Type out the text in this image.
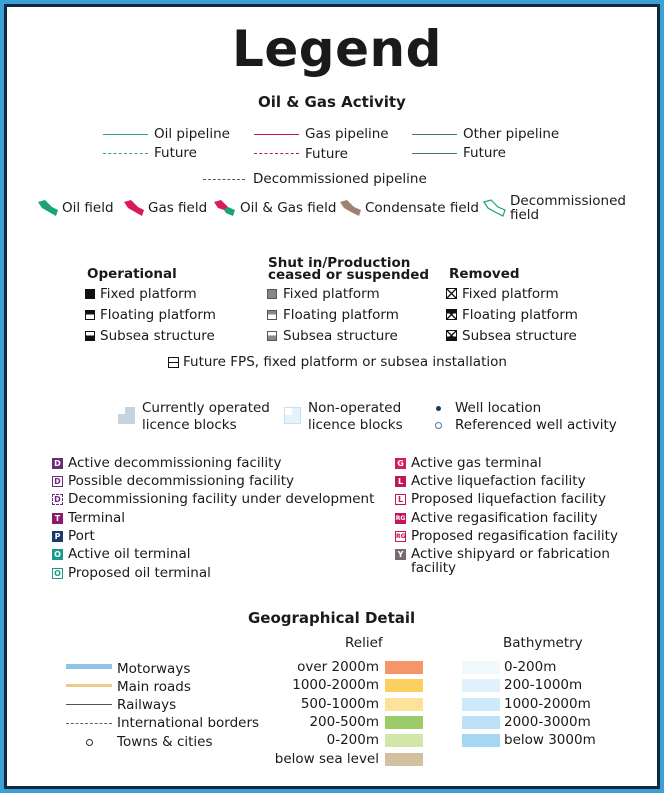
Legend
Oil & Gas Activity
Oil pipeline
Future
Gas pipeline
Future
Other pipeline
Future
Decommissioned pipeline
Oil field	Gas field Oil & Gas field Condensate field Decommissioned
field
Operational
Shut in/Production
ceased or suspended Removed
Fixed platform
Floating platform
Subsea structure
Fixed platform
Floating platform
Subsea structure
Fixed platform
Floating platform
Subsea structure
Future FPS, fixed platform or subsea installation
Currently operated
licence blocks
Non-operated
licence blocks
Well location
Referenced well activity
D Active decommissioning facility
D Possible decommissioning facility
D Decommissioning facility under development
T Terminal
P Port
O Active oil terminal
O Proposed oil terminal
G Active gas terminal
L Active liquefaction facility
L Proposed liquefaction facility
RG Active regasification facility
RG Proposed regasification facility
Y Active shipyard or fabrication
facility
Geographical Detail
Motorways
Main roads
Railways
International borders
Towns & cities
Relief
over 2000m
1000-2000m
500-1000m
200-500m
0-200m
below sea level
Bathymetry
0-200m
200-1000m
1000-2000m
2000-3000m
below 3000m
